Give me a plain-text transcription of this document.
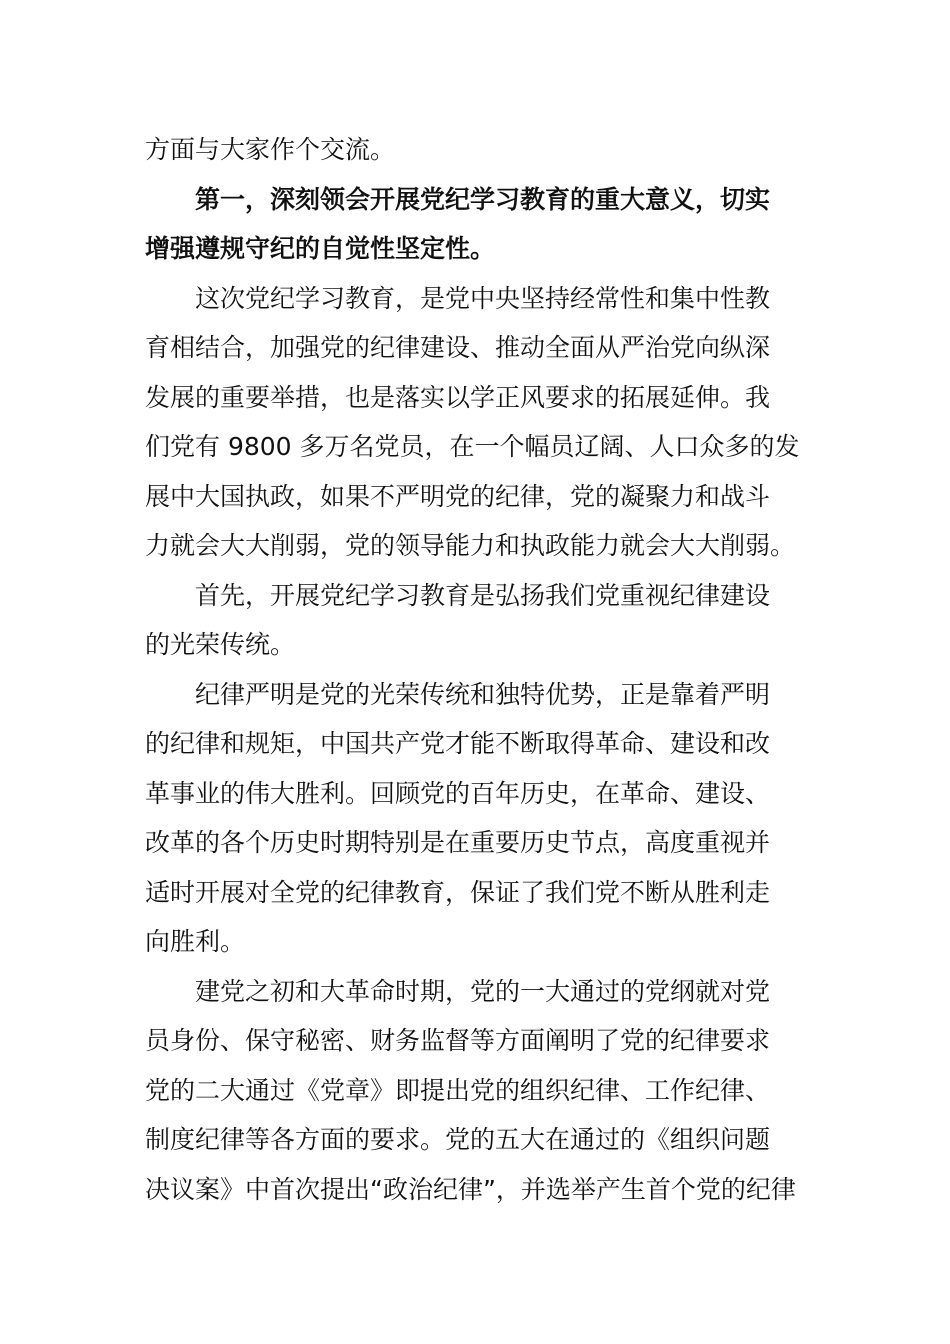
方面与大家作个交流。
第一，深刻领会开展党纪学习教育的重大意义，切实
增强遵规守纪的自觉性坚定性。
这次党纪学习教育，是党中央坚持经常性和集中性教
育相结合，加强党的纪律建设、推动全面从严治党向纵深
发展的重要举措，也是落实以学正风要求的拓展延伸。我
们党有 9800 多万名党员，在一个幅员辽阔、人口众多的发
展中大国执政，如果不严明党的纪律，党的凝聚力和战斗
力就会大大削弱，党的领导能力和执政能力就会大大削弱。
首先，开展党纪学习教育是弘扬我们党重视纪律建设
的光荣传统。
纪律严明是党的光荣传统和独特优势，正是靠着严明
的纪律和规矩，中国共产党才能不断取得革命、建设和改
革事业的伟大胜利。回顾党的百年历史，在革命、建设、
改革的各个历史时期特别是在重要历史节点，高度重视并
适时开展对全党的纪律教育，保证了我们党不断从胜利走
向胜利。
建党之初和大革命时期，党的一大通过的党纲就对党
员身份、保守秘密、财务监督等方面阐明了党的纪律要求
党的二大通过《党章》即提出党的组织纪律、工作纪律、
制度纪律等各方面的要求。党的五大在通过的《组织问题
决议案》中首次提出“政治纪律”，并选举产生首个党的纪律
